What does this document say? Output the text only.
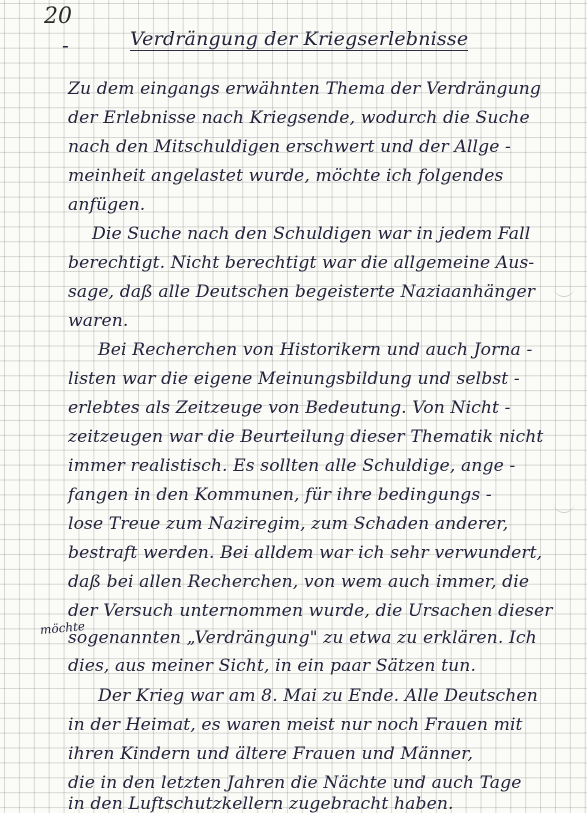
20
-	Verdrängung der Kriegserlebnisse
Zu dem eingangs erwähnten Thema der Verdrängung
der Erlebnisse nach Kriegsende, wodurch die Suche
nach den Mitschuldigen erschwert und der Allge -
meinheit angelastet wurde, möchte ich folgendes
anfügen.
Die Suche nach den Schuldigen war in jedem Fall
berechtigt. Nicht berechtigt war die allgemeine Aus-
sage, daß alle Deutschen begeisterte Naziaanhänger
waren.
Bei Recherchen von Historikern und auch Jorna -
listen war die eigene Meinungsbildung und selbst -
erlebtes als Zeitzeuge von Bedeutung. Von Nicht -
zeitzeugen war die Beurteilung dieser Thematik nicht
immer realistisch. Es sollten alle Schuldige, ange -
fangen in den Kommunen, für ihre bedingungs -
lose Treue zum Naziregim, zum Schaden anderer,
bestraft werden. Bei alldem war ich sehr verwundert,
daß bei allen Recherchen, von wem auch immer, die
der Versuch unternommen wurde, die Ursachen dieser
sogenannten „Verdrängung" zu etwa zu erklären. Ich
möchte
dies, aus meiner Sicht, in ein paar Sätzen tun.
Der Krieg war am 8. Mai zu Ende. Alle Deutschen
in der Heimat, es waren meist nur noch Frauen mit
ihren Kindern und ältere Frauen und Männer,
die in den letzten Jahren die Nächte und auch Tage
in den Luftschutzkellern zugebracht haben.
